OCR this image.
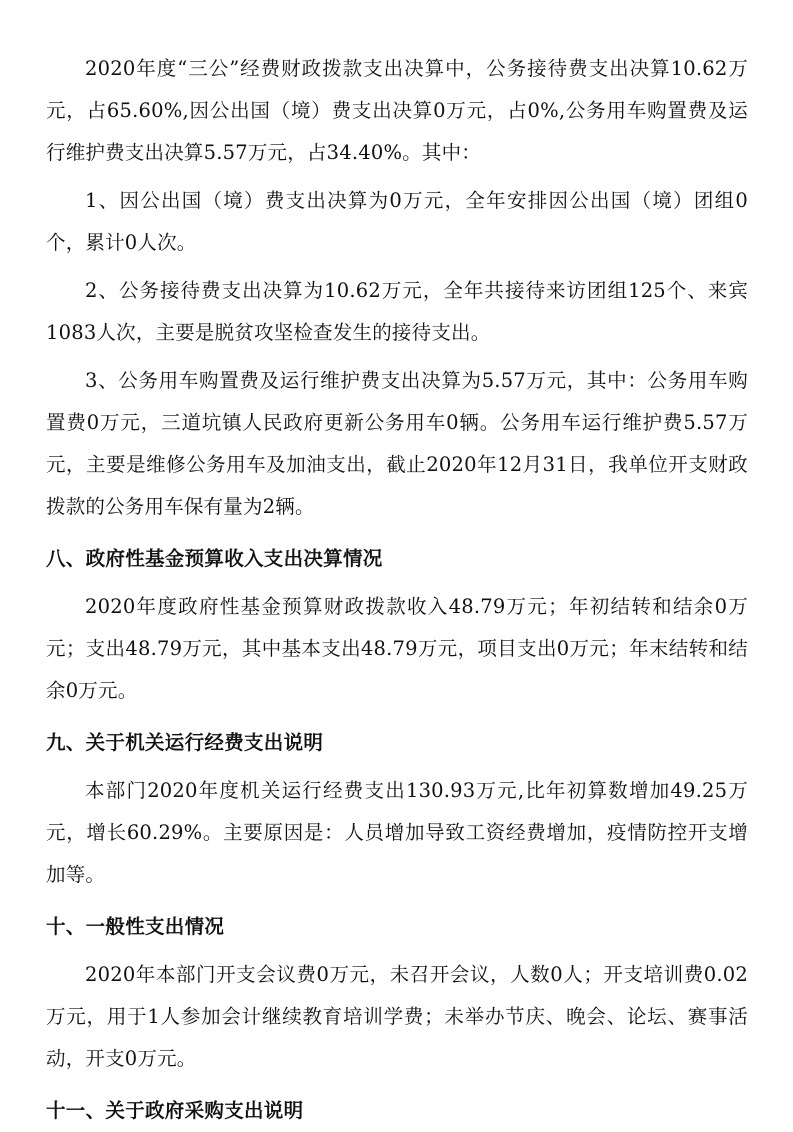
2020年度“三公”经费财政拨款支出决算中，公务接待费支出决算10.62万元，占65.60%,因公出国（境）费支出决算0万元，占0%,公务用车购置费及运行维护费支出决算5.57万元，占34.40%。其中：

1、因公出国（境）费支出决算为0万元，全年安排因公出国（境）团组0个，累计0人次。

2、公务接待费支出决算为10.62万元，全年共接待来访团组125个、来宾1083人次，主要是脱贫攻坚检查发生的接待支出。

3、公务用车购置费及运行维护费支出决算为5.57万元，其中：公务用车购置费0万元，三道坑镇人民政府更新公务用车0辆。公务用车运行维护费5.57万元，主要是维修公务用车及加油支出，截止2020年12月31日，我单位开支财政拨款的公务用车保有量为2辆。

八、政府性基金预算收入支出决算情况

2020年度政府性基金预算财政拨款收入48.79万元；年初结转和结余0万元；支出48.79万元，其中基本支出48.79万元，项目支出0万元；年末结转和结余0万元。

九、关于机关运行经费支出说明

本部门2020年度机关运行经费支出130.93万元,比年初算数增加49.25万元，增长60.29%。主要原因是：人员增加导致工资经费增加，疫情防控开支增加等。

十、一般性支出情况

2020年本部门开支会议费0万元，未召开会议，人数0人；开支培训费0.02万元，用于1人参加会计继续教育培训学费；未举办节庆、晚会、论坛、赛事活动，开支0万元。

十一、关于政府采购支出说明
